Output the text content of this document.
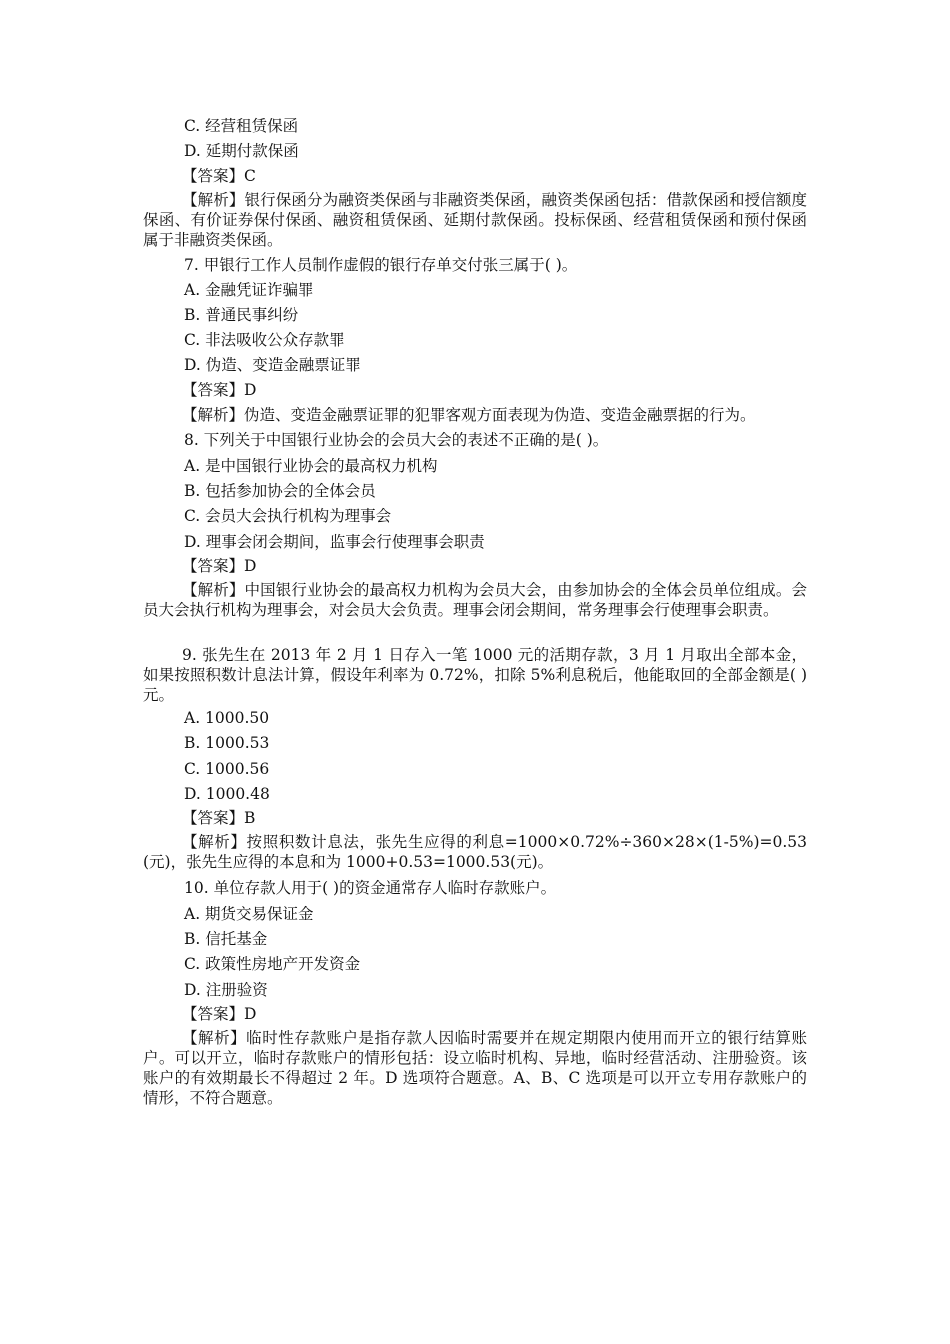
C. 经营租赁保函
D. 延期付款保函
【答案】C
【解析】银行保函分为融资类保函与非融资类保函，融资类保函包括：借款保函和授信额度保函、有价证券保付保函、融资租赁保函、延期付款保函。投标保函、经营租赁保函和预付保函属于非融资类保函。
7. 甲银行工作人员制作虚假的银行存单交付张三属于( )。
A. 金融凭证诈骗罪
B. 普通民事纠纷
C. 非法吸收公众存款罪
D. 伪造、变造金融票证罪
【答案】D
【解析】伪造、变造金融票证罪的犯罪客观方面表现为伪造、变造金融票据的行为。
8. 下列关于中国银行业协会的会员大会的表述不正确的是( )。
A. 是中国银行业协会的最高权力机构
B. 包括参加协会的全体会员
C. 会员大会执行机构为理事会
D. 理事会闭会期间，监事会行使理事会职责
【答案】D
【解析】中国银行业协会的最高权力机构为会员大会，由参加协会的全体会员单位组成。会员大会执行机构为理事会，对会员大会负责。理事会闭会期间，常务理事会行使理事会职责。
9. 张先生在 2013 年 2 月 1 日存入一笔 1000 元的活期存款，3 月 1 月取出全部本金，如果按照积数计息法计算，假设年利率为 0.72%，扣除 5%利息税后，他能取回的全部金额是( )元。
A. 1000.50
B. 1000.53
C. 1000.56
D. 1000.48
【答案】B
【解析】按照积数计息法，张先生应得的利息=1000×0.72%÷360×28×(1-5%)=0.53(元)，张先生应得的本息和为 1000+0.53=1000.53(元)。
10. 单位存款人用于( )的资金通常存人临时存款账户。
A. 期货交易保证金
B. 信托基金
C. 政策性房地产开发资金
D. 注册验资
【答案】D
【解析】临时性存款账户是指存款人因临时需要并在规定期限内使用而开立的银行结算账户。可以开立，临时存款账户的情形包括：设立临时机构、异地，临时经营活动、注册验资。该账户的有效期最长不得超过 2 年。D 选项符合题意。A、B、C 选项是可以开立专用存款账户的情形，不符合题意。
